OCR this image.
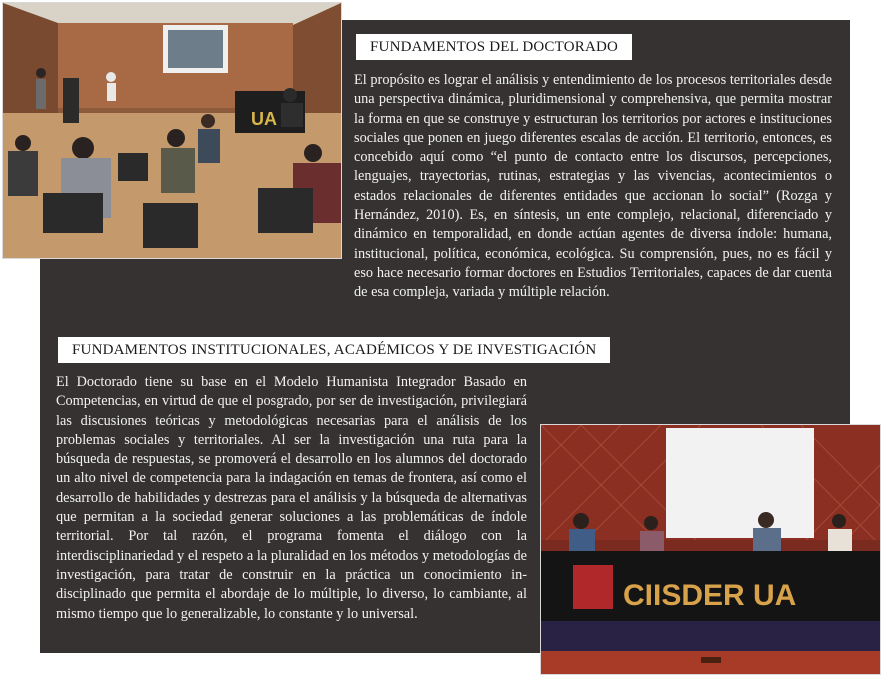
UA
CIISDER UA
FUNDAMENTOS DEL DOCTORADO

El propósito es lograr el análisis y entendimiento de los procesos territoriales desde una perspectiva dinámica, pluridimensional y comprehensiva, que permita mostrar la forma en que se construye y estructuran los territorios por actores e instituciones sociales que ponen en juego diferentes escalas de acción. El territorio, entonces, es concebido aquí como “el punto de contacto entre los discursos, percepciones, lenguajes, trayectorias, rutinas, estrategias y las vivencias, acontecimientos o estados relacionales de diferentes entidades que accionan lo social” (Rozga y Hernández, 2010). Es, en síntesis, un ente complejo, relacional, diferenciado y dinámico en temporalidad, en donde actúan agentes de diversa índole: humana, institucional, política, económica, ecológica. Su comprensión, pues, no es fácil y eso hace necesario formar doctores en Estudios Territoriales, capaces de dar cuenta de esa compleja, variada y múltiple relación.

FUNDAMENTOS INSTITUCIONALES, ACADÉMICOS Y DE INVESTIGACIÓN

El Doctorado tiene su base en el Modelo Humanista Integrador Basado en Competencias, en virtud de que el posgrado, por ser de investigación, privilegiará las discusiones teóricas y metodológicas necesarias para el análisis de los problemas sociales y territoriales. Al ser la investigación una ruta para la búsqueda de respuestas, se promoverá el desarrollo en los alumnos del doctorado un alto nivel de competencia para la indagación en temas de frontera, así como el desarrollo de habilidades y destrezas para el análisis y la búsqueda de alternativas que permitan a la sociedad generar soluciones a las problemáticas de índole territorial. Por tal razón, el programa fomenta el diálogo con la interdisciplinariedad y el respeto a la pluralidad en los métodos y metodologías de investigación, para tratar de construir en la práctica un conocimiento in-disciplinado que permita el abordaje de lo múltiple, lo diverso, lo cambiante, al mismo tiempo que lo generalizable, lo constante y lo universal.
